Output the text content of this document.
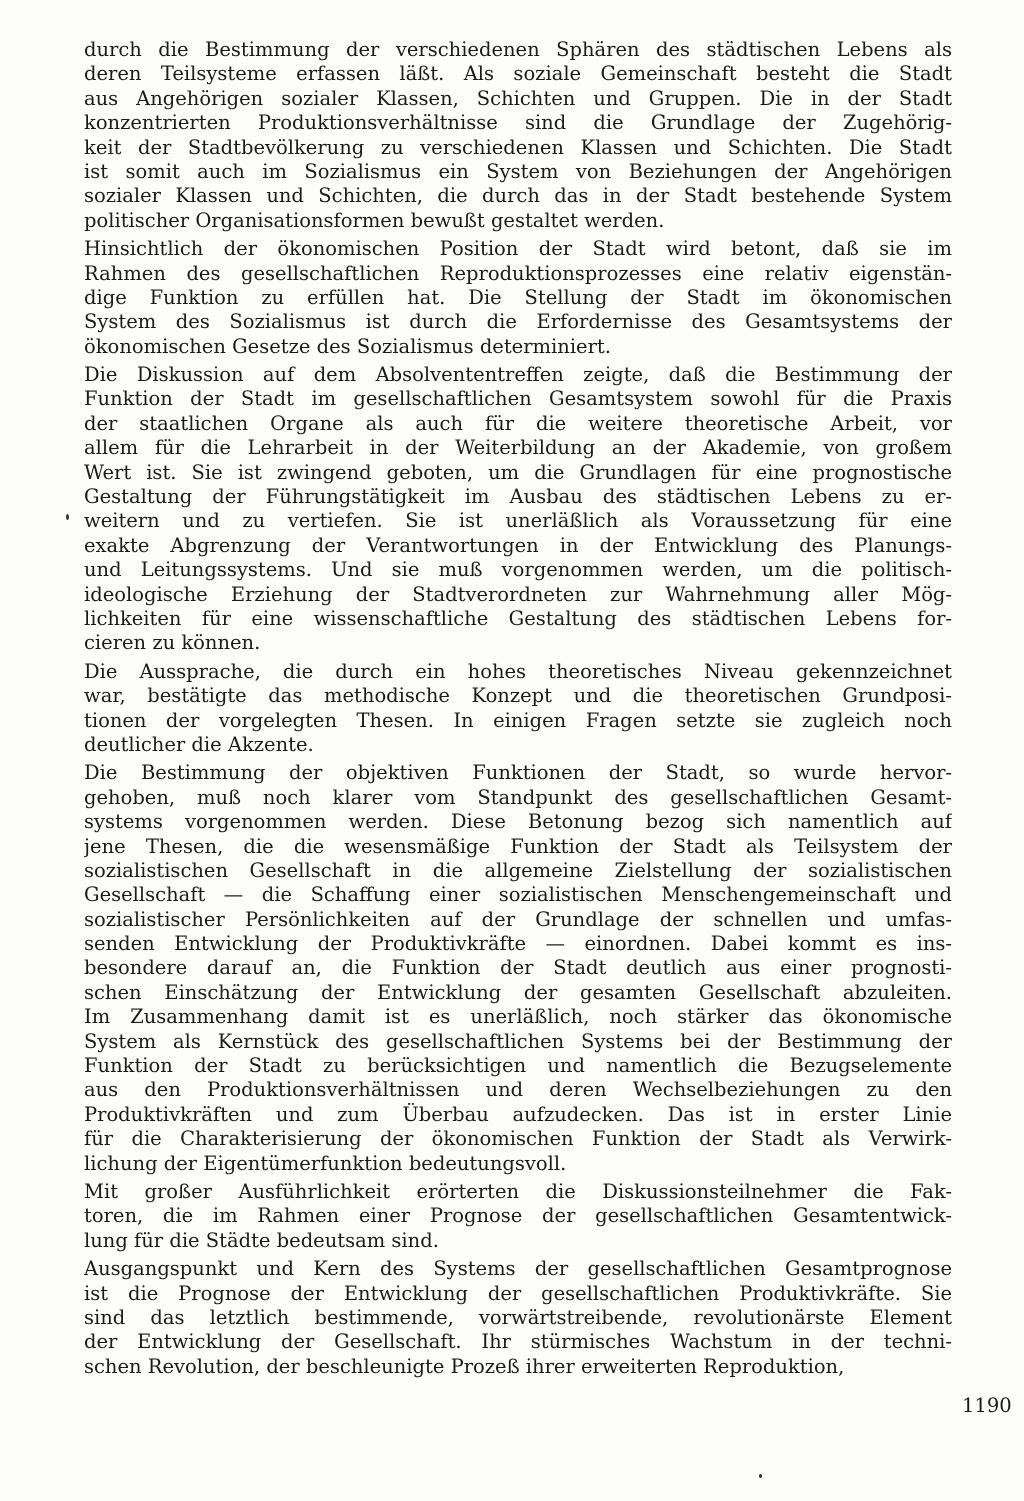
durch die Bestimmung der verschiedenen Sphären des städtischen Lebens als
deren Teilsysteme erfassen läßt. Als soziale Gemeinschaft besteht die Stadt
aus Angehörigen sozialer Klassen, Schichten und Gruppen. Die in der Stadt
konzentrierten Produktionsverhältnisse sind die Grundlage der Zugehörig-
keit der Stadtbevölkerung zu verschiedenen Klassen und Schichten. Die Stadt
ist somit auch im Sozialismus ein System von Beziehungen der Angehörigen
sozialer Klassen und Schichten, die durch das in der Stadt bestehende System
politischer Organisationsformen bewußt gestaltet werden.
Hinsichtlich der ökonomischen Position der Stadt wird betont, daß sie im
Rahmen des gesellschaftlichen Reproduktionsprozesses eine relativ eigenstän-
dige Funktion zu erfüllen hat. Die Stellung der Stadt im ökonomischen
System des Sozialismus ist durch die Erfordernisse des Gesamtsystems der
ökonomischen Gesetze des Sozialismus determiniert.
Die Diskussion auf dem Absolvententreffen zeigte, daß die Bestimmung der
Funktion der Stadt im gesellschaftlichen Gesamtsystem sowohl für die Praxis
der staatlichen Organe als auch für die weitere theoretische Arbeit, vor
allem für die Lehrarbeit in der Weiterbildung an der Akademie, von großem
Wert ist. Sie ist zwingend geboten, um die Grundlagen für eine prognostische
Gestaltung der Führungstätigkeit im Ausbau des städtischen Lebens zu er-
weitern und zu vertiefen. Sie ist unerläßlich als Voraussetzung für eine
exakte Abgrenzung der Verantwortungen in der Entwicklung des Planungs-
und Leitungssystems. Und sie muß vorgenommen werden, um die politisch-
ideologische Erziehung der Stadtverordneten zur Wahrnehmung aller Mög-
lichkeiten für eine wissenschaftliche Gestaltung des städtischen Lebens for-
cieren zu können.
Die Aussprache, die durch ein hohes theoretisches Niveau gekennzeichnet
war, bestätigte das methodische Konzept und die theoretischen Grundposi-
tionen der vorgelegten Thesen. In einigen Fragen setzte sie zugleich noch
deutlicher die Akzente.
Die Bestimmung der objektiven Funktionen der Stadt, so wurde hervor-
gehoben, muß noch klarer vom Standpunkt des gesellschaftlichen Gesamt-
systems vorgenommen werden. Diese Betonung bezog sich namentlich auf
jene Thesen, die die wesensmäßige Funktion der Stadt als Teilsystem der
sozialistischen Gesellschaft in die allgemeine Zielstellung der sozialistischen
Gesellschaft — die Schaffung einer sozialistischen Menschengemeinschaft und
sozialistischer Persönlichkeiten auf der Grundlage der schnellen und umfas-
senden Entwicklung der Produktivkräfte — einordnen. Dabei kommt es ins-
besondere darauf an, die Funktion der Stadt deutlich aus einer prognosti-
schen Einschätzung der Entwicklung der gesamten Gesellschaft abzuleiten.
Im Zusammenhang damit ist es unerläßlich, noch stärker das ökonomische
System als Kernstück des gesellschaftlichen Systems bei der Bestimmung der
Funktion der Stadt zu berücksichtigen und namentlich die Bezugselemente
aus den Produktionsverhältnissen und deren Wechselbeziehungen zu den
Produktivkräften und zum Überbau aufzudecken. Das ist in erster Linie
für die Charakterisierung der ökonomischen Funktion der Stadt als Verwirk-
lichung der Eigentümerfunktion bedeutungsvoll.
Mit großer Ausführlichkeit erörterten die Diskussionsteilnehmer die Fak-
toren, die im Rahmen einer Prognose der gesellschaftlichen Gesamtentwick-
lung für die Städte bedeutsam sind.
Ausgangspunkt und Kern des Systems der gesellschaftlichen Gesamtprognose
ist die Prognose der Entwicklung der gesellschaftlichen Produktivkräfte. Sie
sind das letztlich bestimmende, vorwärtstreibende, revolutionärste Element
der Entwicklung der Gesellschaft. Ihr stürmisches Wachstum in der techni-
schen Revolution, der beschleunigte Prozeß ihrer erweiterten Reproduktion,
1190
